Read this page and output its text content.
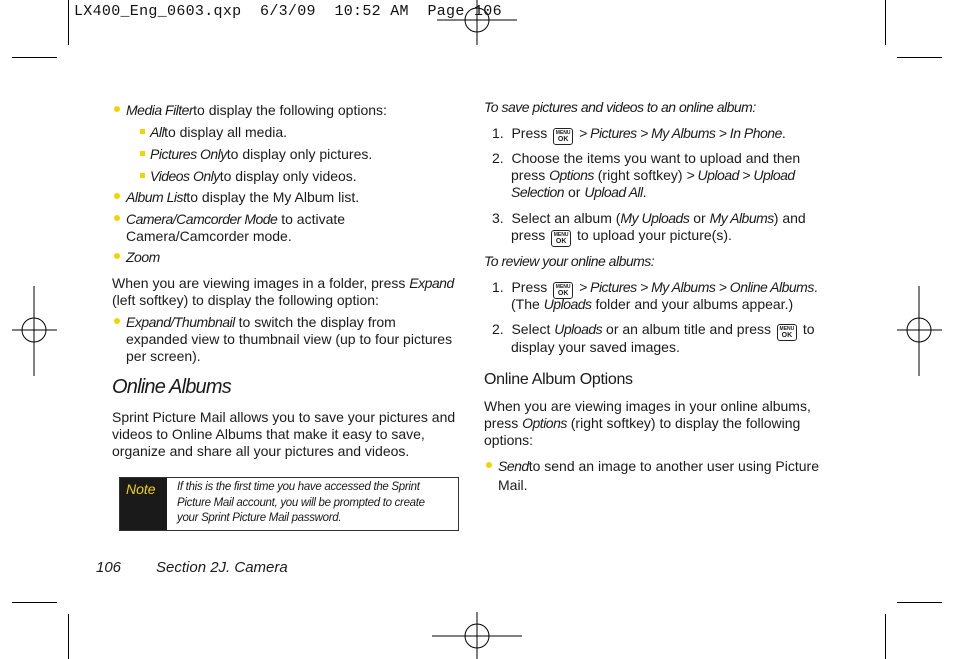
LX400_Eng_0603.qxp  6/3/09  10:52 AM  Page 106
Media Filterto display the following options:
Allto display all media.
Pictures Onlyto display only pictures.
Videos Onlyto display only videos.
Album Listto display the My Album list.
Camera/Camcorder Mode to activate
Camera/Camcorder mode.
Zoom
When you are viewing images in a folder, press Expand
(left softkey) to display the following option:
Expand/Thumbnail to switch the display from
expanded view to thumbnail view (up to four pictures
per screen).
Online Albums
Sprint Picture Mail allows you to save your pictures and
videos to Online Albums that make it easy to save,
organize and share all your pictures and videos.
Note If this is the first time you have accessed the Sprint
Picture Mail account, you will be prompted to create
your Sprint Picture Mail password.
106 Section 2J. Camera
To save pictures and videos to an online album:
1. Press	MENU
OK > Pictures > My Albums > In Phone.
2. Choose the items you want to upload and then
press Options (right softkey) > Upload > Upload
Selection or Upload All.
3. Select an album (My Uploads or My Albums) and
press	MENU
OK to upload your picture(s).
To review your online albums:
1. Press	MENU
OK > Pictures > My Albums > Online Albums.
(The Uploads folder and your albums appear.)
2. Select Uploads or an album title and press	MENU
OK to
display your saved images.
Online Album Options
When you are viewing images in your online albums,
press Options (right softkey) to display the following
options:
Sendto send an image to another user using Picture
Mail.
